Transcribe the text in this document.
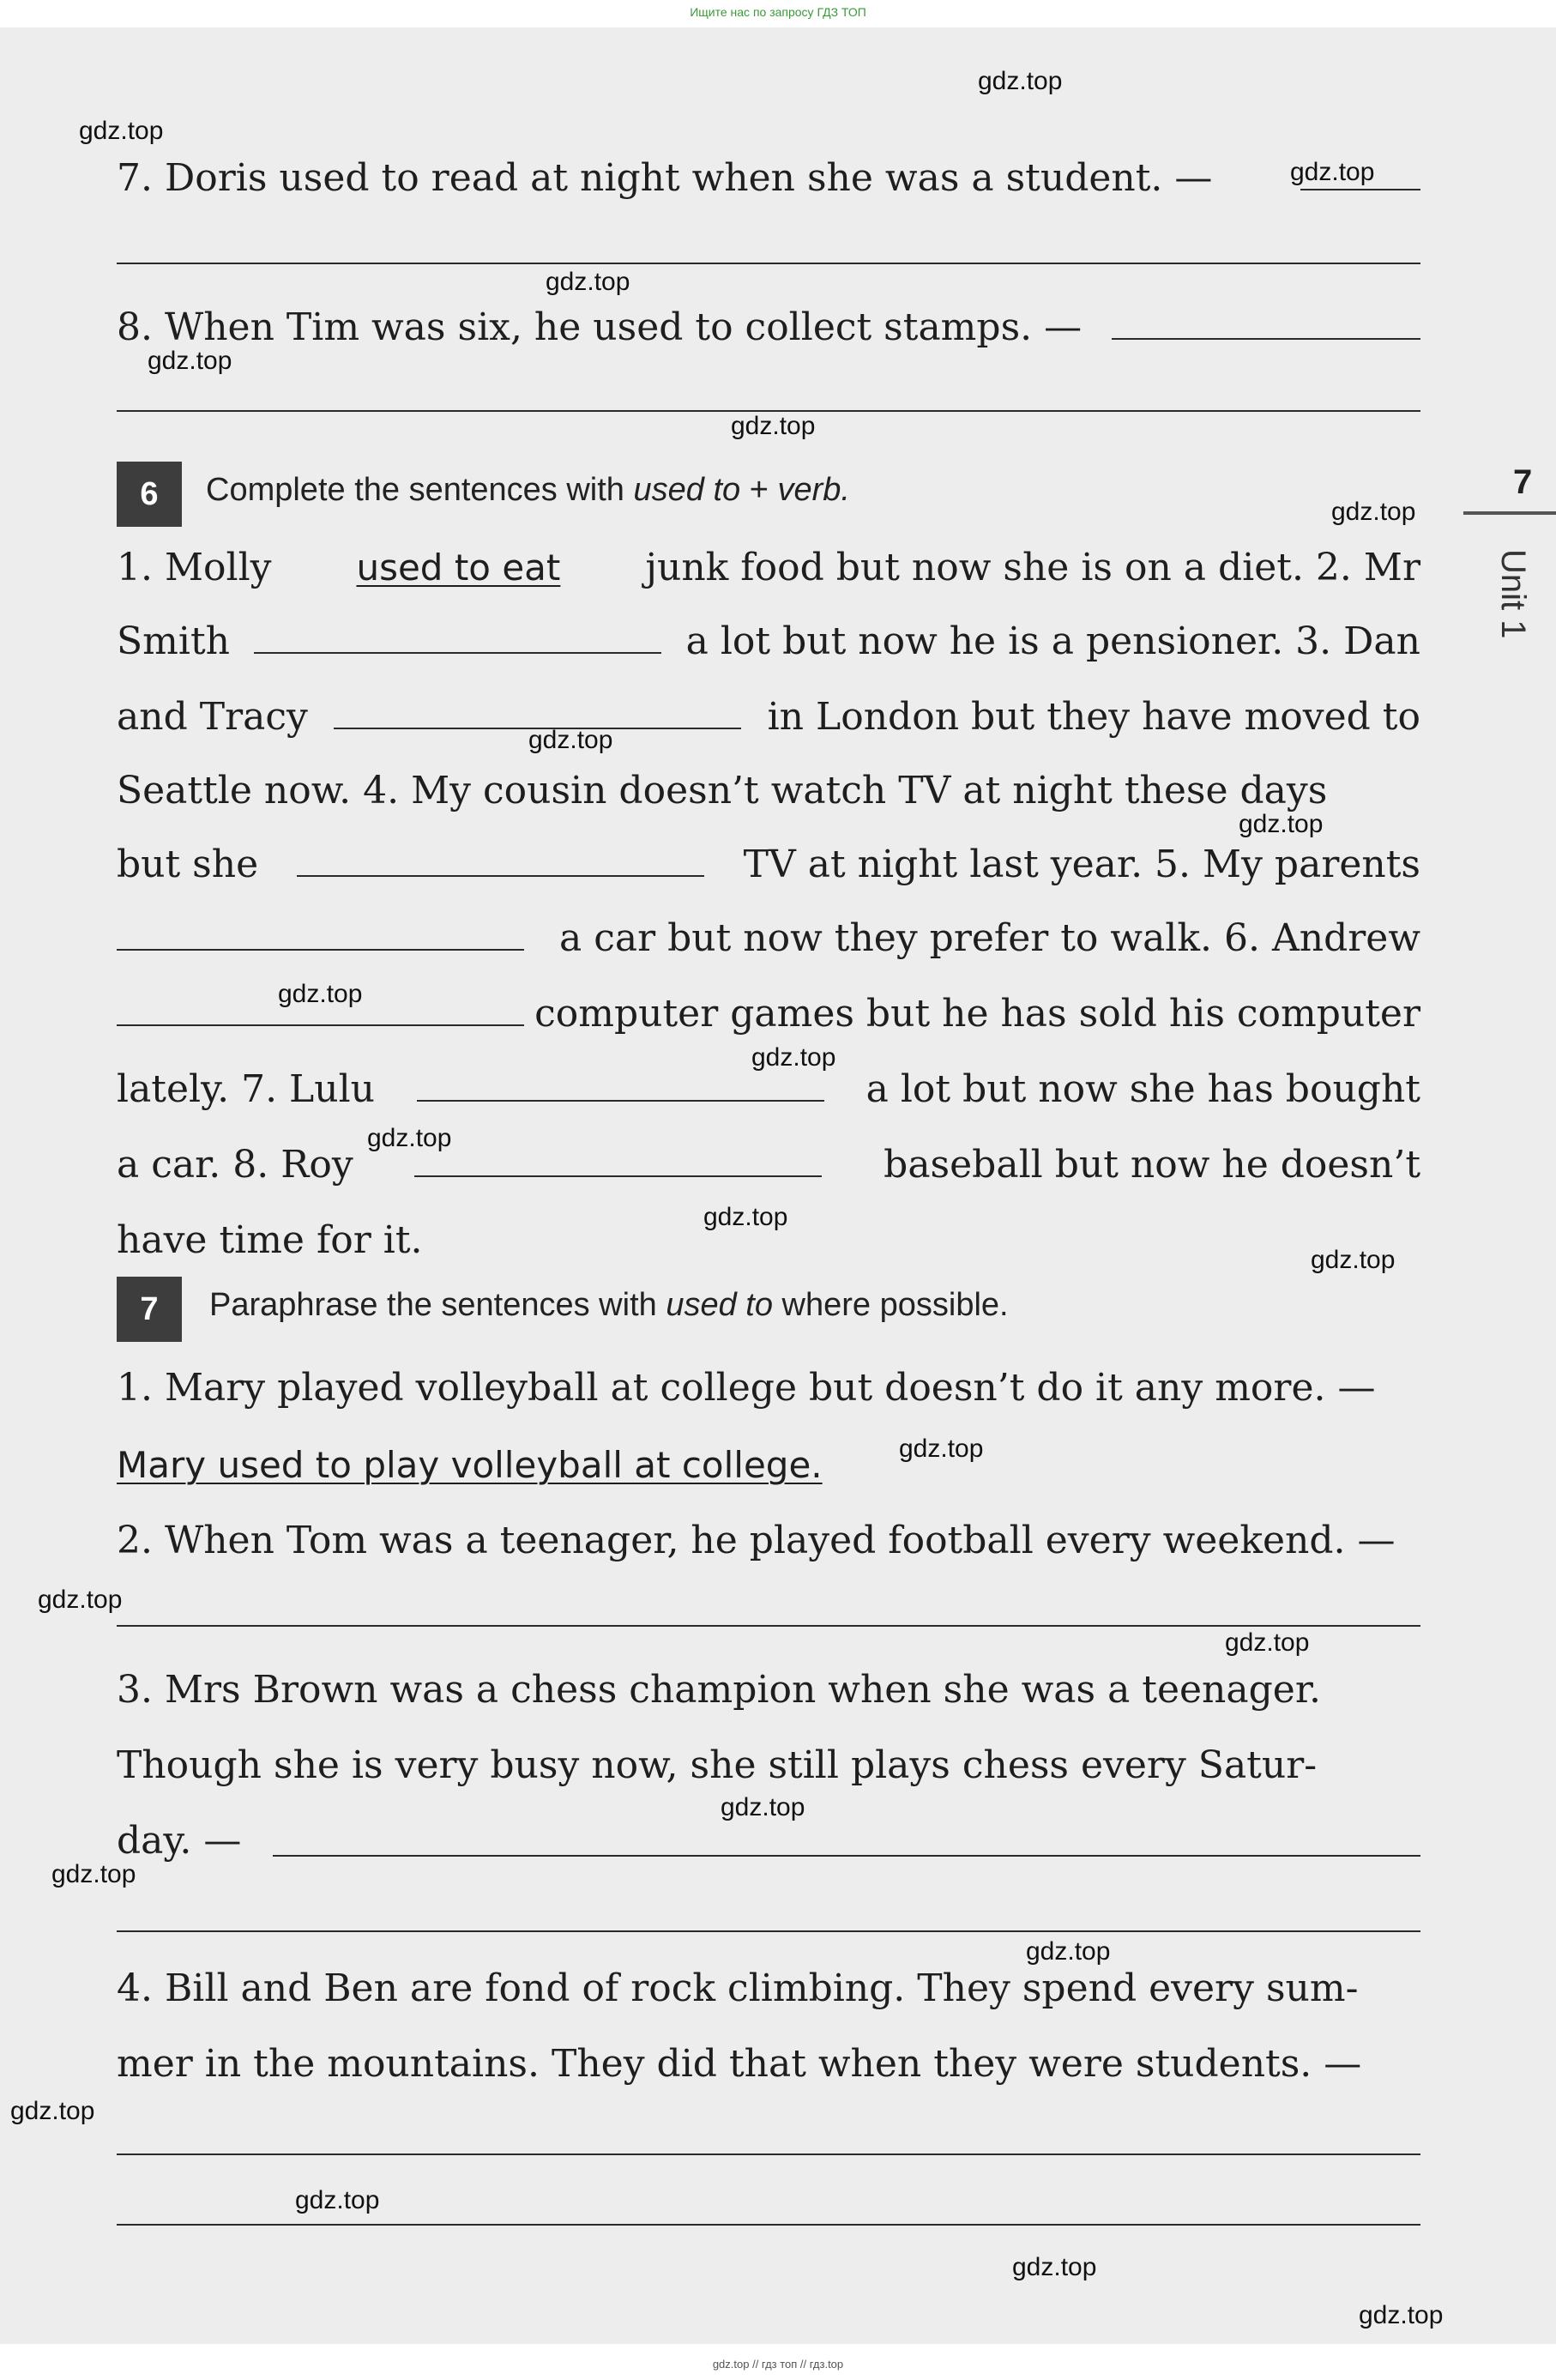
Ищите нас по запросу ГДЗ ТОП
7
Unit 1
7. Doris used to read at night when she was a student. —
8. When Tim was six, he used to collect stamps. —
6	Complete the sentences with used to + verb.
1. Molly used to eat junk food but now she is on a diet. 2. Mr
Smith	a lot but now he is a pensioner. 3. Dan
and Tracy	in London but they have moved to
Seattle now. 4. My cousin doesn’t watch TV at night these days
but she	TV at night last year. 5. My parents
a car but now they prefer to walk. 6. Andrew
computer games but he has sold his computer
lately. 7. Lulu	a lot but now she has bought
a car. 8. Roy	baseball but now he doesn’t
have time for it.
7	Paraphrase the sentences with used to where possible.
1. Mary played volleyball at college but doesn’t do it any more. —
Mary used to play volleyball at college.
2. When Tom was a teenager, he played football every weekend. —
3. Mrs Brown was a chess champion when she was a teenager.
Though she is very busy now, she still plays chess every Satur-
day. —
4. Bill and Ben are fond of rock climbing. They spend every sum-
mer in the mountains. They did that when they were students. —
gdz.top
gdz.top
gdz.top
gdz.top
gdz.top
gdz.top
gdz.top
gdz.top
gdz.top
gdz.top
gdz.top
gdz.top
gdz.top
gdz.top
gdz.top
gdz.top
gdz.top
gdz.top
gdz.top
gdz.top
gdz.top
gdz.top
gdz.top
gdz.top
gdz.top // гдз топ // гдз.top
